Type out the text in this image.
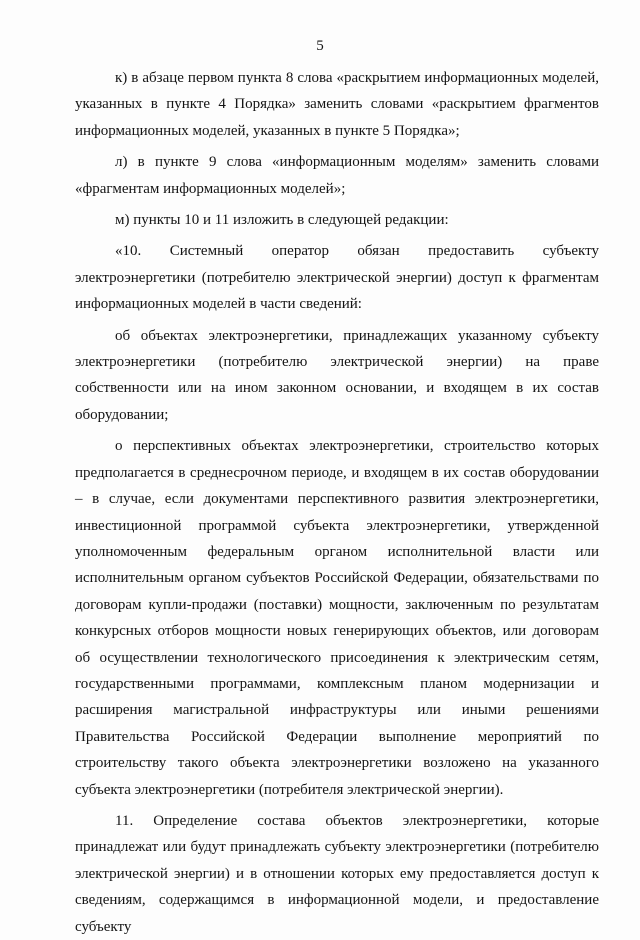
5

к) в абзаце первом пункта 8 слова «раскрытием информационных моделей, указанных в пункте 4 Порядка» заменить словами «раскрытием фрагментов информационных моделей, указанных в пункте 5 Порядка»;

л) в пункте 9 слова «информационным моделям» заменить словами «фрагментам информационных моделей»;

м) пункты 10 и 11 изложить в следующей редакции:

«10. Системный оператор обязан предоставить субъекту электроэнергетики (потребителю электрической энергии) доступ к фрагментам информационных моделей в части сведений:

об объектах электроэнергетики, принадлежащих указанному субъекту электроэнергетики (потребителю электрической энергии) на праве собственности или на ином законном основании, и входящем в их состав оборудовании;

о перспективных объектах электроэнергетики, строительство которых предполагается в среднесрочном периоде, и входящем в их состав оборудовании – в случае, если документами перспективного развития электроэнергетики, инвестиционной программой субъекта электроэнергетики, утвержденной уполномоченным федеральным органом исполнительной власти или исполнительным органом субъектов Российской Федерации, обязательствами по договорам купли-продажи (поставки) мощности, заключенным по результатам конкурсных отборов мощности новых генерирующих объектов, или договорам об осуществлении технологического присоединения к электрическим сетям, государственными программами, комплексным планом модернизации и расширения магистральной инфраструктуры или иными решениями Правительства Российской Федерации выполнение мероприятий по строительству такого объекта электроэнергетики возложено на указанного субъекта электроэнергетики (потребителя электрической энергии).

11. Определение состава объектов электроэнергетики, которые принадлежат или будут принадлежать субъекту электроэнергетики (потребителю электрической энергии) и в отношении которых ему предоставляется доступ к сведениям, содержащимся в информационной модели, и предоставление субъекту
